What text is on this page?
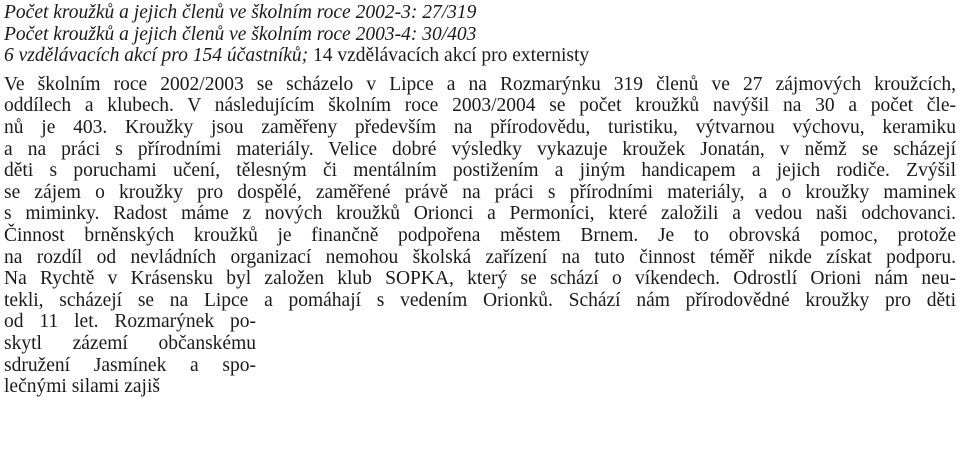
Počet kroužků a jejich členů ve školním roce 2002-3: 27/319
Počet kroužků a jejich členů ve školním roce 2003-4: 30/403
6 vzdělávacích akcí pro 154 účastníků; 14 vzdělávacích akcí pro externisty
Ve školním roce 2002/2003 se scházelo v Lipce a na Rozmarýnku 319 členů ve 27 zájmových kroužcích,
oddílech a klubech. V následujícím školním roce 2003/2004 se počet kroužků navýšil na 30 a počet čle-
nů je 403. Kroužky jsou zaměřeny především na přírodovědu, turistiku, výtvarnou výchovu, keramiku
a na práci s přírodními materiály. Velice dobré výsledky vykazuje kroužek Jonatán, v němž se scházejí
děti s poruchami učení, tělesným či mentálním postižením a jiným handicapem a jejich rodiče. Zvýšil
se zájem o kroužky pro dospělé, zaměřené právě na práci s přírodními materiály, a o kroužky maminek
s miminky. Radost máme z nových kroužků Orionci a Permoníci, které založili a vedou naši odchovanci.
Činnost brněnských kroužků je finančně podpořena městem Brnem. Je to obrovská pomoc, protože
na rozdíl od nevládních organizací nemohou školská zařízení na tuto činnost téměř nikde získat podporu.
Na Rychtě v Krásensku byl založen klub SOPKA, který se schází o víkendech. Odrostlí Orioni nám neu-
tekli, scházejí se na Lipce a pomáhají s vedením Orionků. Schází nám přírodovědné kroužky pro děti
od 11 let. Rozmarýnek po-
skytl zázemí občanskému
sdružení Jasmínek a spo-
lečnými silami zajiš
